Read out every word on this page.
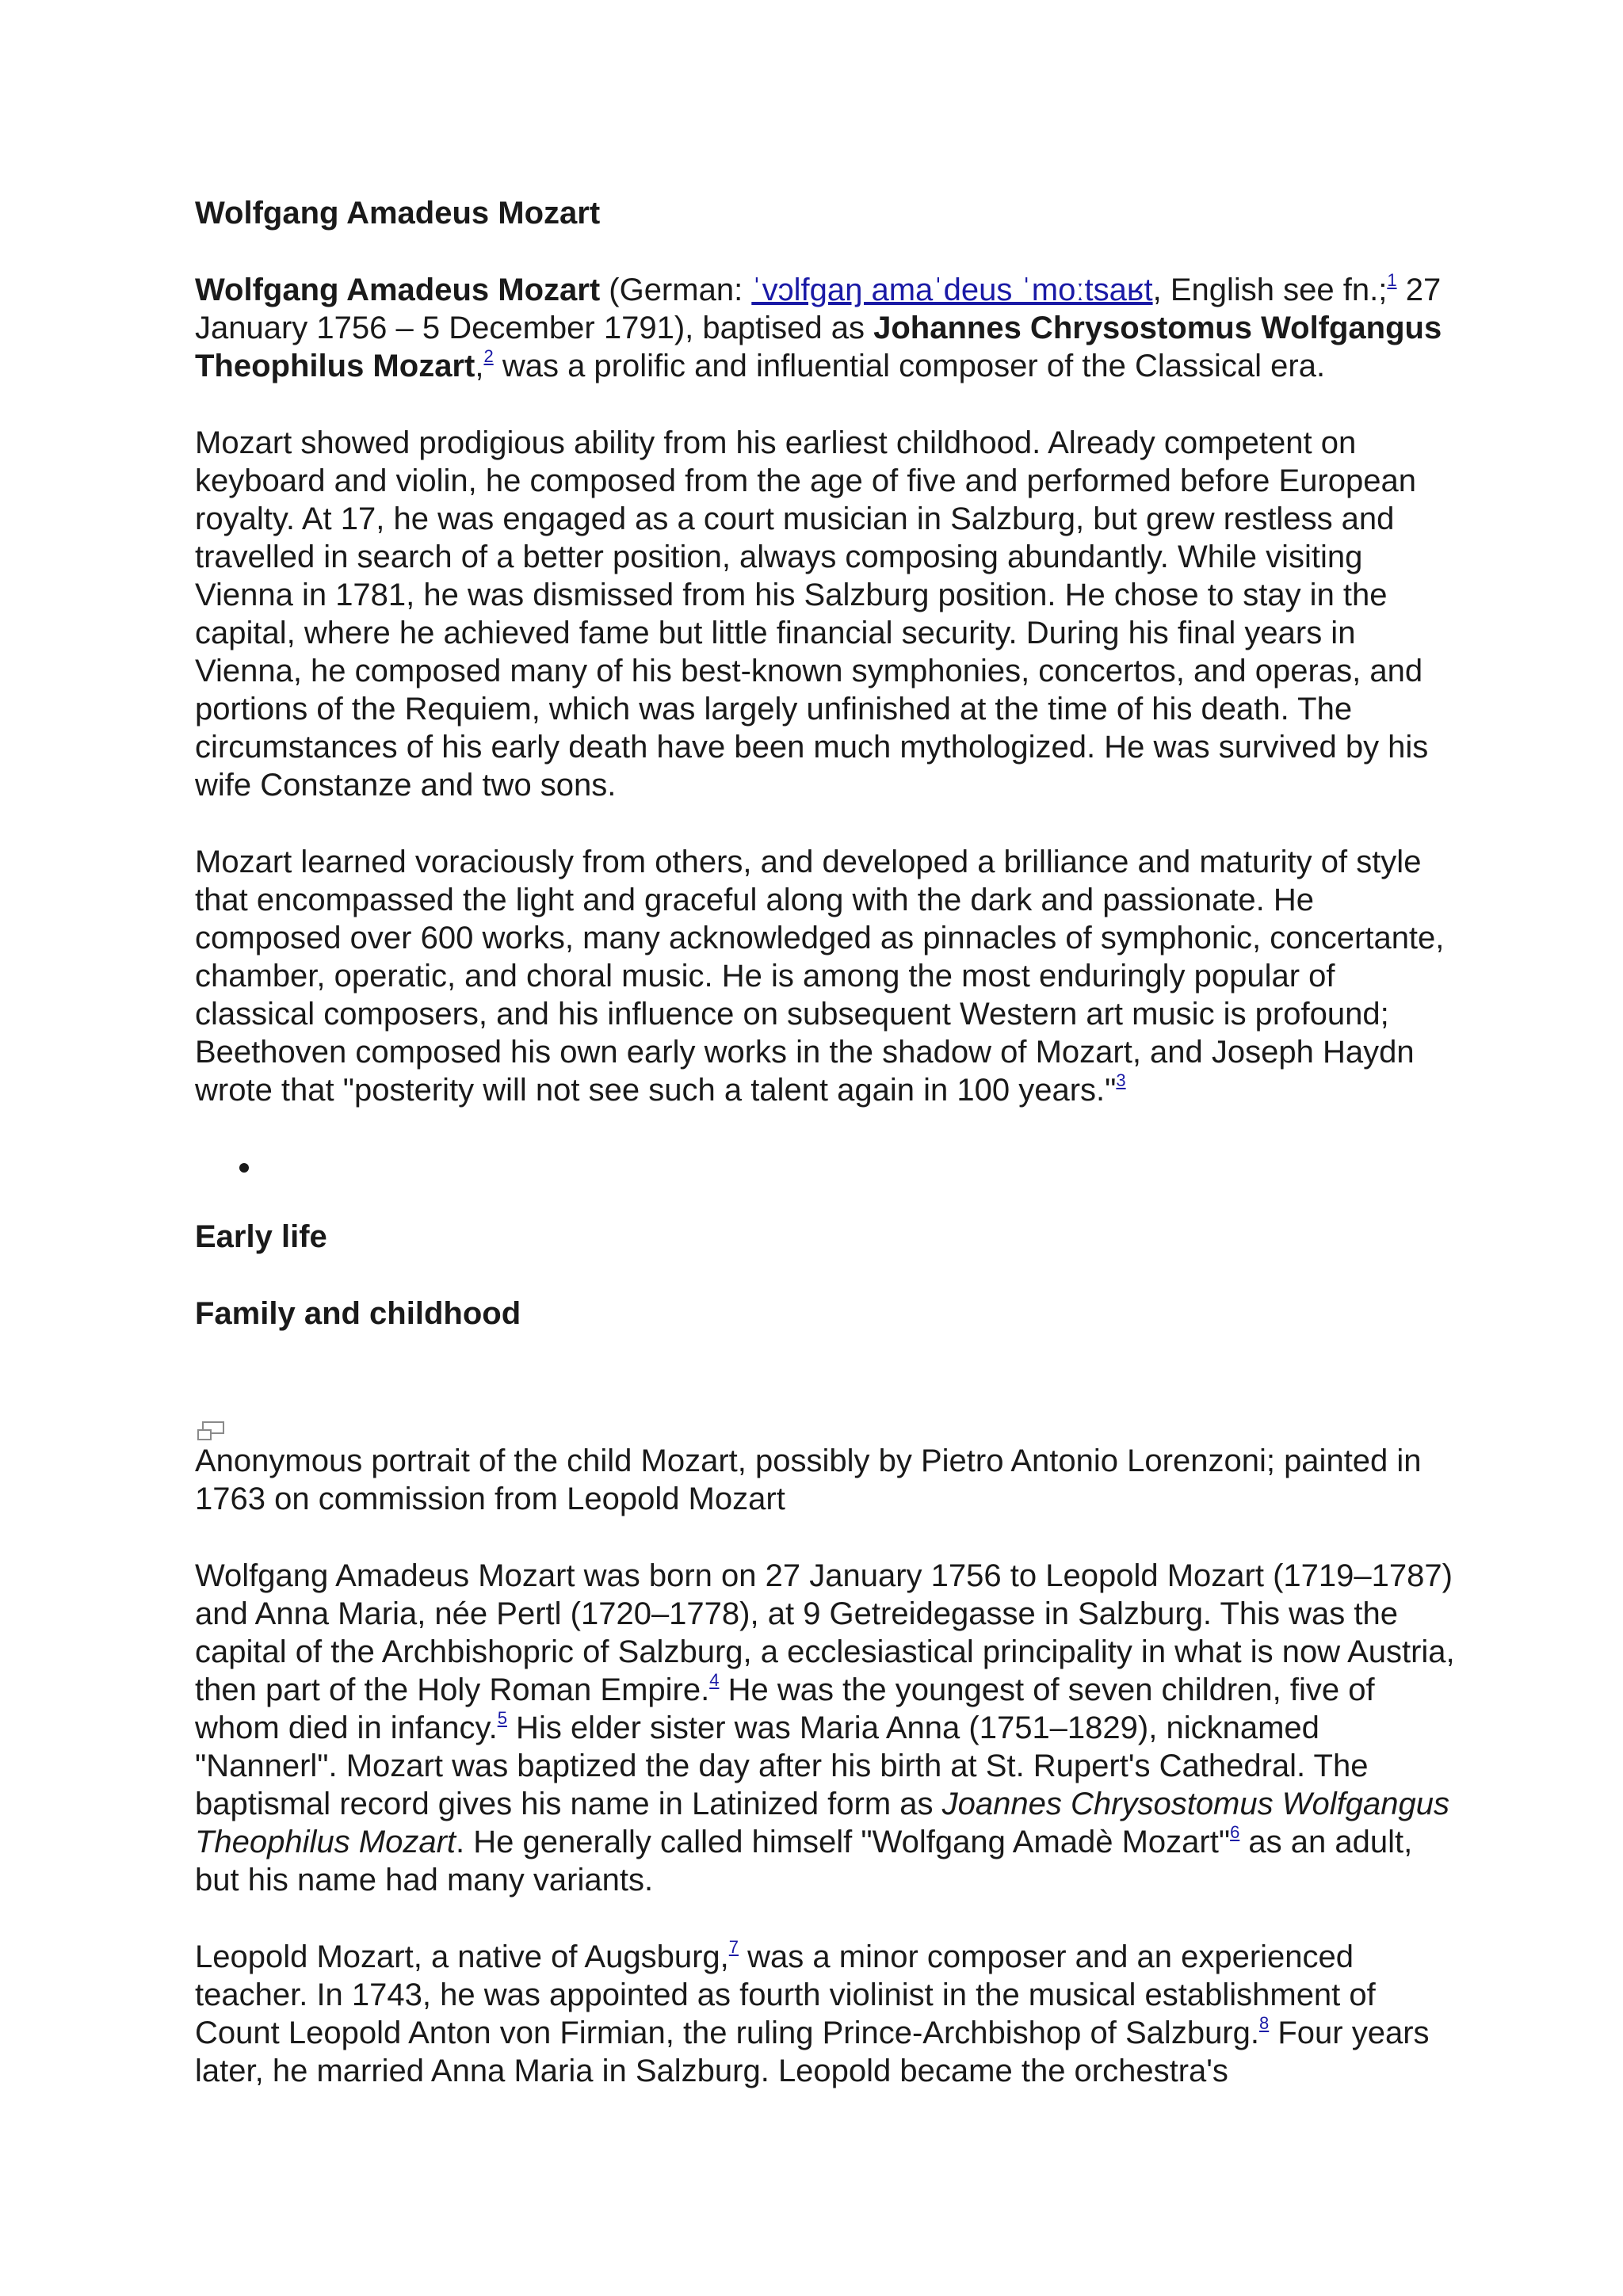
Wolfgang Amadeus Mozart

Wolfgang Amadeus Mozart (German: ˈvɔlfɡaŋ amaˈdeus ˈmoːtsaʁt, English see fn.;$^1$ 27 January 1756 – 5 December 1791), baptised as Johannes Chrysostomus Wolfgangus Theophilus Mozart,$^2$ was a prolific and influential composer of the Classical era.

Mozart showed prodigious ability from his earliest childhood. Already competent on keyboard and violin, he composed from the age of five and performed before European royalty. At 17, he was engaged as a court musician in Salzburg, but grew restless and travelled in search of a better position, always composing abundantly. While visiting Vienna in 1781, he was dismissed from his Salzburg position. He chose to stay in the capital, where he achieved fame but little financial security. During his final years in Vienna, he composed many of his best-known symphonies, concertos, and operas, and portions of the Requiem, which was largely unfinished at the time of his death. The circumstances of his early death have been much mythologized. He was survived by his wife Constanze and two sons.

Mozart learned voraciously from others, and developed a brilliance and maturity of style that encompassed the light and graceful along with the dark and passionate. He composed over 600 works, many acknowledged as pinnacles of symphonic, concertante, chamber, operatic, and choral music. He is among the most enduringly popular of classical composers, and his influence on subsequent Western art music is profound; Beethoven composed his own early works in the shadow of Mozart, and Joseph Haydn wrote that "posterity will not see such a talent again in 100 years."$^3$

Early life
Family and childhood

Anonymous portrait of the child Mozart, possibly by Pietro Antonio Lorenzoni; painted in 1763 on commission from Leopold Mozart

Wolfgang Amadeus Mozart was born on 27 January 1756 to Leopold Mozart (1719–1787) and Anna Maria, née Pertl (1720–1778), at 9 Getreidegasse in Salzburg. This was the capital of the Archbishopric of Salzburg, a ecclesiastical principality in what is now Austria, then part of the Holy Roman Empire.$^4$ He was the youngest of seven children, five of whom died in infancy.$^5$ His elder sister was Maria Anna (1751–1829), nicknamed "Nannerl". Mozart was baptized the day after his birth at St. Rupert's Cathedral. The baptismal record gives his name in Latinized form as Joannes Chrysostomus Wolfgangus Theophilus Mozart. He generally called himself "Wolfgang Amadè Mozart"$^6$ as an adult, but his name had many variants.

Leopold Mozart, a native of Augsburg,$^7$ was a minor composer and an experienced teacher. In 1743, he was appointed as fourth violinist in the musical establishment of Count Leopold Anton von Firmian, the ruling Prince-Archbishop of Salzburg.$^8$ Four years later, he married Anna Maria in Salzburg. Leopold became the orchestra's
